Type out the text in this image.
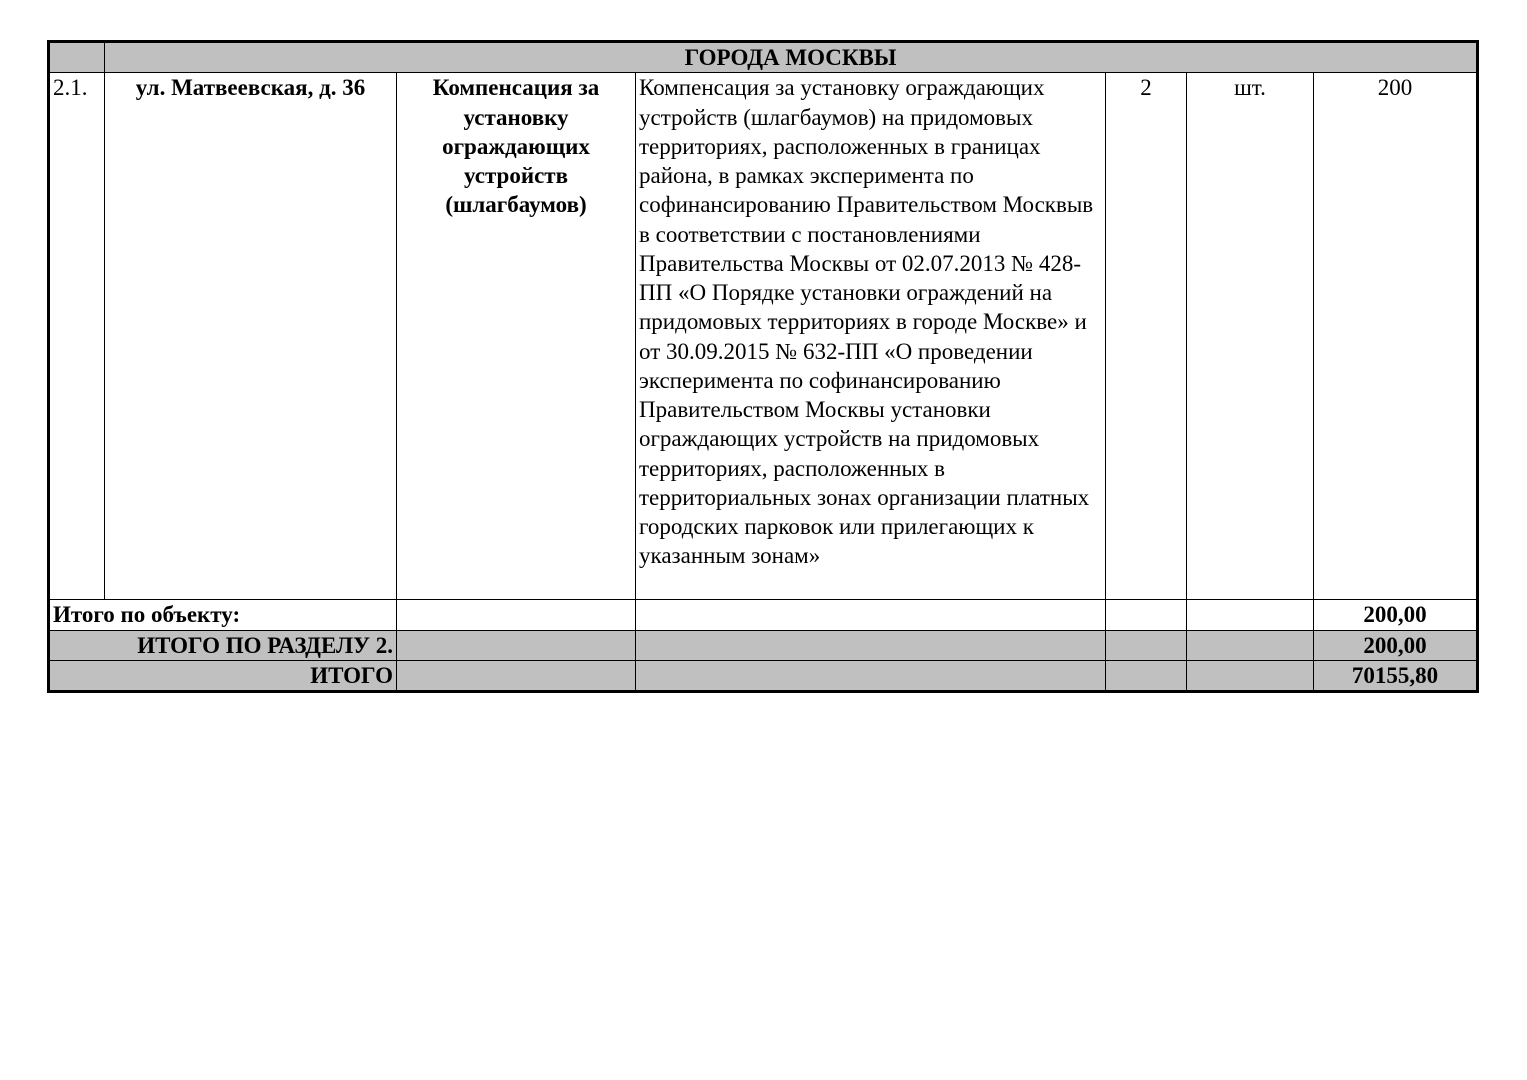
	ГОРОДА МОСКВЫ					
2.1.	ул. Матвеевская, д. 36	Компенсация за установку ограждающих устройств (шлагбаумов)	Компенсация за установку ограждающих устройств (шлагбаумов) на придомовых территориях, расположенных в границах района, в рамках эксперимента по софинансированию Правительством Москвыв в соответствии с постановлениями Правительства Москвы от 02.07.2013 № 428-ПП «О Порядке установки ограждений на придомовых территориях в городе Москве» и от 30.09.2015 № 632-ПП «О проведении эксперимента по софинансированию Правительством Москвы установки ограждающих устройств на придомовых территориях, расположенных в территориальных зонах организации платных городских парковок или прилегающих к указанным зонам»	2	шт.	200
Итого по объекту:						200,00
ИТОГО ПО РАЗДЕЛУ 2.						200,00
ИТОГО						70155,80
